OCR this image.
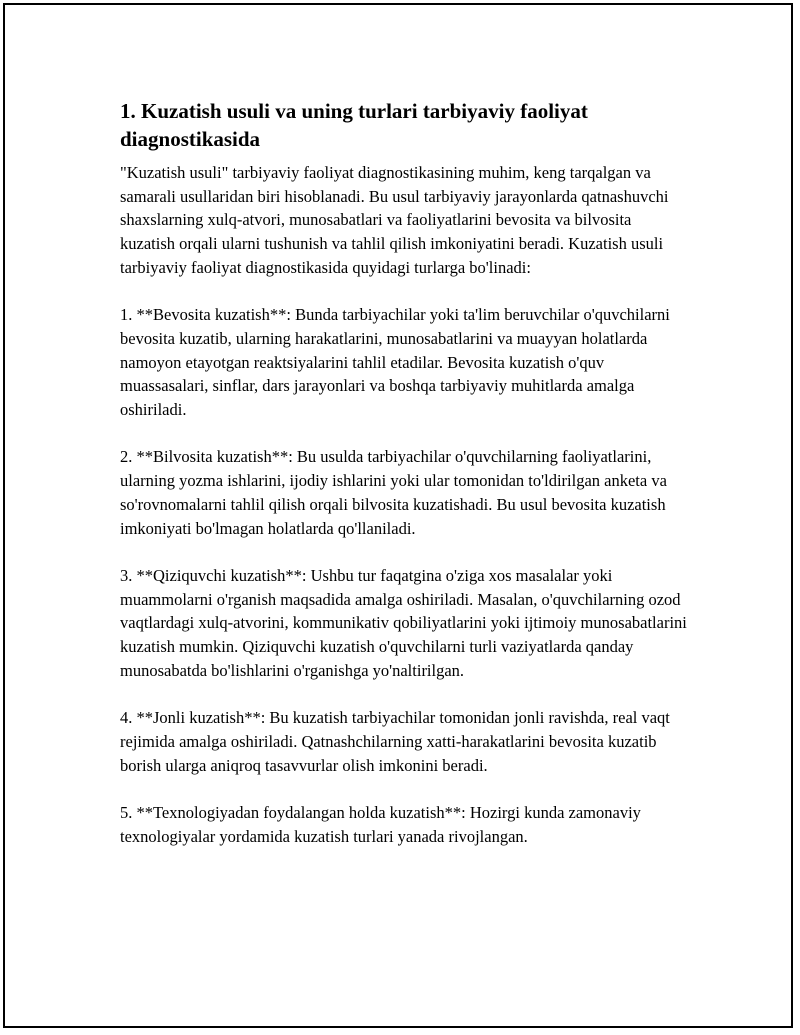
1. Kuzatish usuli va uning turlari tarbiyaviy faoliyat diagnostikasida

"Kuzatish usuli" tarbiyaviy faoliyat diagnostikasining muhim, keng tarqalgan va samarali usullaridan biri hisoblanadi. Bu usul tarbiyaviy jarayonlarda qatnashuvchi shaxslarning xulq-atvori, munosabatlari va faoliyatlarini bevosita va bilvosita kuzatish orqali ularni tushunish va tahlil qilish imkoniyatini beradi. Kuzatish usuli tarbiyaviy faoliyat diagnostikasida quyidagi turlarga bo'linadi:

1. **Bevosita kuzatish**: Bunda tarbiyachilar yoki ta'lim beruvchilar o'quvchilarni bevosita kuzatib, ularning harakatlarini, munosabatlarini va muayyan holatlarda namoyon etayotgan reaktsiyalarini tahlil etadilar. Bevosita kuzatish o'quv muassasalari, sinflar, dars jarayonlari va boshqa tarbiyaviy muhitlarda amalga oshiriladi.

2. **Bilvosita kuzatish**: Bu usulda tarbiyachilar o'quvchilarning faoliyatlarini, ularning yozma ishlarini, ijodiy ishlarini yoki ular tomonidan to'ldirilgan anketa va so'rovnomalarni tahlil qilish orqali bilvosita kuzatishadi. Bu usul bevosita kuzatish imkoniyati bo'lmagan holatlarda qo'llaniladi.

3. **Qiziquvchi kuzatish**: Ushbu tur faqatgina o'ziga xos masalalar yoki muammolarni o'rganish maqsadida amalga oshiriladi. Masalan, o'quvchilarning ozod vaqtlardagi xulq-atvorini, kommunikativ qobiliyatlarini yoki ijtimoiy munosabatlarini kuzatish mumkin. Qiziquvchi kuzatish o'quvchilarni turli vaziyatlarda qanday munosabatda bo'lishlarini o'rganishga yo'naltirilgan.

4. **Jonli kuzatish**: Bu kuzatish tarbiyachilar tomonidan jonli ravishda, real vaqt rejimida amalga oshiriladi. Qatnashchilarning xatti-harakatlarini bevosita kuzatib borish ularga aniqroq tasavvurlar olish imkonini beradi.

5. **Texnologiyadan foydalangan holda kuzatish**: Hozirgi kunda zamonaviy texnologiyalar yordamida kuzatish turlari yanada rivojlangan.
